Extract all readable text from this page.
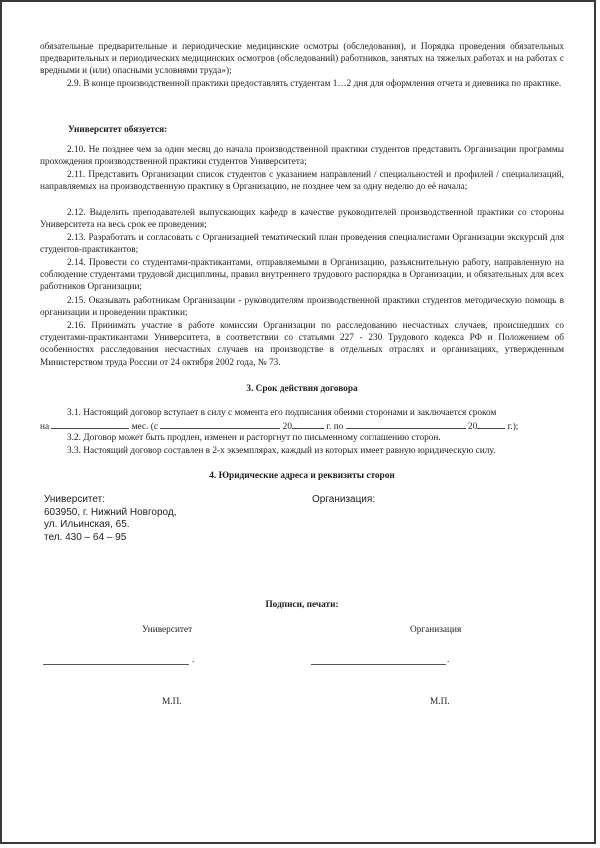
обязательные предварительные и периодические медицинские осмотры (обследования), и Порядка проведения обязательных предварительных и периодических медицинских осмотров (обследований) работников, занятых на тяжелых работах и на работах с вредными и (или) опасными условиями труда»);
2.9. В конце производственной практики предоставлять студентам 1…2 дня для оформления отчета и дневника по практике.
Университет обязуется:
2.10. Не позднее чем за один месяц до начала производственной практики студентов представить Организации программы прохождения производственной практики студентов Университета;
2.11. Представить Организации список студентов с указанием направлений / специальностей и профилей / специализаций, направляемых на производственную практику в Организацию, не позднее чем за одну неделю до её начала;
2.12. Выделить преподавателей выпускающих кафедр в качестве руководителей производственной практики со стороны Университета на весь срок ее проведения;
2.13. Разработать и согласовать с Организацией тематический план проведения специалистами Организации экскурсий для студентов-практикантов;
2.14. Провести со студентами-практикантами, отправляемыми в Организацию, разъяснительную работу, направленную на соблюдение студентами трудовой дисциплины, правил внутреннего трудового распорядка в Организации, и обязательных для всех работников Организации;
2.15. Оказывать работникам Организации - руководителям производственной практики студентов методическую помощь в организации и проведении практики;
2.16. Принимать участие в работе комиссии Организации по расследованию несчастных случаев, происшедших со студентами-практикантами Университета, в соответствии со статьями 227 - 230 Трудового кодекса РФ и Положением об особенностях расследования несчастных случаев на производстве в отдельных отраслях и организациях, утвержденным Министерством труда России от 24 октября 2002 года, № 73.
3. Срок действия договора
3.1. Настоящий договор вступает в силу с момента его подписания обеими сторонами и заключается сроком
на	мес. (с	20	г. по	20	г.);
3.2. Договор может быть продлен, изменен и расторгнут по письменному соглашению сторон.
3.3. Настоящий договор составлен в 2-х экземплярах, каждый из которых имеет равную юридическую силу.
4. Юридические адреса и реквизиты сторон
Университет:
603950, г. Нижний Новгород,
ул. Ильинская, 65.
тел. 430 – 64 – 95
Организация:
Подписи, печати:
Университет	Организация
.	.
М.П.	М.П.
